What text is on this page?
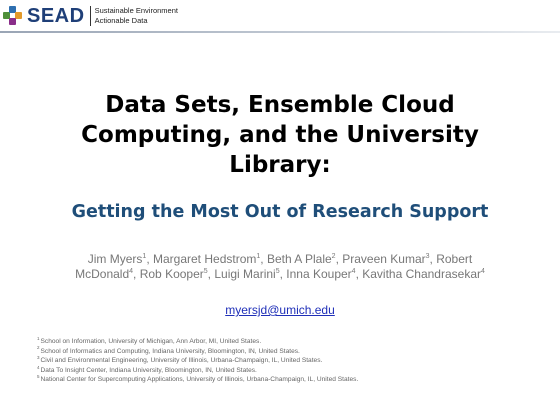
SEAD Sustainable Environment
Actionable Data
Data Sets, Ensemble Cloud
Computing, and the University
Library:
Getting the Most Out of Research Support
Jim Myers$^1$, Margaret Hedstrom$^1$, Beth A Plale$^2$, Praveen Kumar$^3$, Robert
McDonald$^4$, Rob Kooper$^5$, Luigi Marini$^5$, Inna Kouper$^4$, Kavitha Chandrasekar$^4$
myersjd@umich.edu
$^1$School on Information, University of Michigan, Ann Arbor, MI, United States.
$^2$School of Informatics and Computing, Indiana University, Bloomington, IN, United States.
$^3$Civil and Environmental Engineering, University of Illinois, Urbana-Champaign, IL, United States.
$^4$Data To Insight Center, Indiana University, Bloomington, IN, United States.
$^5$National Center for Supercomputing Applications, University of Illinois, Urbana-Champaign, IL, United States.
